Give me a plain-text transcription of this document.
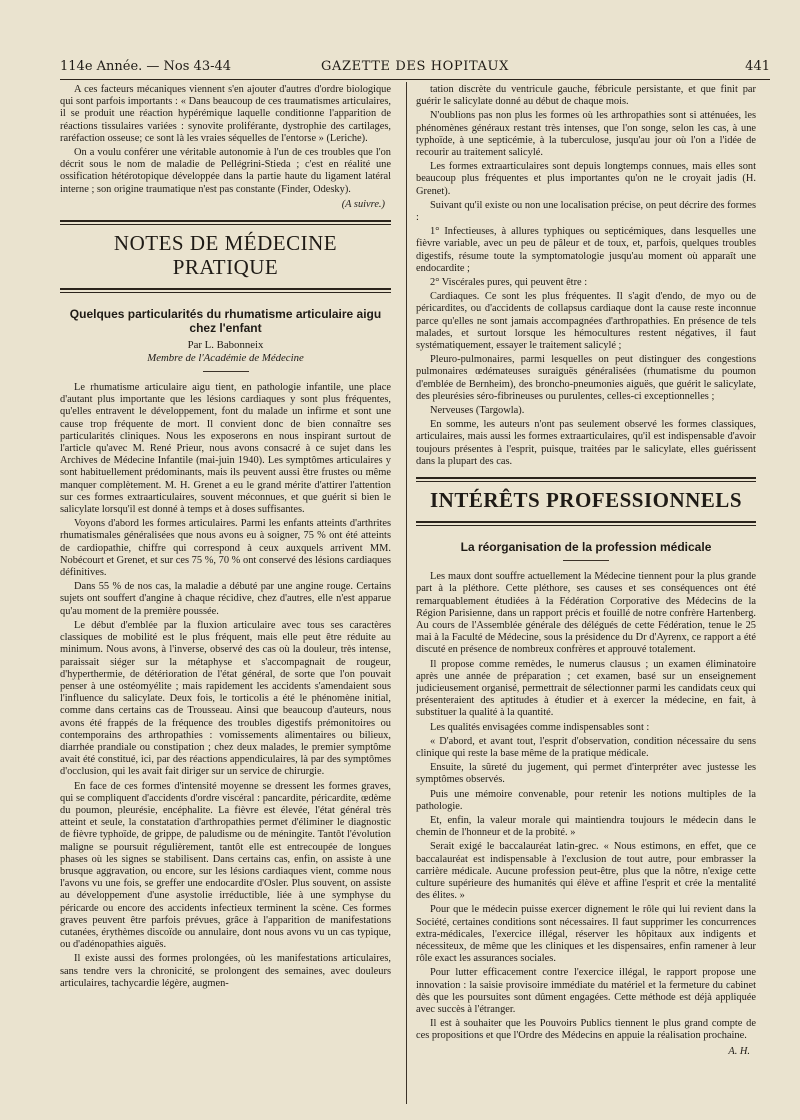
114e Année. — Nos 43-44	GAZETTE DES HOPITAUX	441

A ces facteurs mécaniques viennent s'en ajouter d'autres d'ordre biologique qui sont parfois importants : « Dans beaucoup de ces traumatismes articulaires, il se produit une réaction hypérémique laquelle conditionne l'apparition de réactions tissulaires variées : synovite proliférante, dystrophie des cartilages, raréfaction osseuse; ce sont là les vraies séquelles de l'entorse » (Leriche).

On a voulu conférer une véritable autonomie à l'un de ces troubles que l'on décrit sous le nom de maladie de Pellégrini-Stieda ; c'est en réalité une ossification hétérotopique développée dans la partie haute du ligament latéral interne ; son origine traumatique n'est pas constante (Finder, Odesky).

(A suivre.)
NOTES DE MÉDECINE PRATIQUE
Quelques particularités du rhumatisme articulaire aigu chez l'enfant
Par L. Babonneix
Membre de l'Académie de Médecine

Le rhumatisme articulaire aigu tient, en pathologie infantile, une place d'autant plus importante que les lésions cardiaques y sont plus fréquentes, qu'elles entravent le développement, font du malade un infirme et sont une cause trop fréquente de mort. Il convient donc de bien connaître ses particularités cliniques. Nous les exposerons en nous inspirant surtout de l'article qu'avec M. René Prieur, nous avons consacré à ce sujet dans les Archives de Médecine Infantile (mai-juin 1940). Les symptômes articulaires y sont habituellement prédominants, mais ils peuvent aussi être frustes ou même manquer complètement. M. H. Grenet a eu le grand mérite d'attirer l'attention sur ces formes extraarticulaires, souvent méconnues, et que guérit si bien le salicylate lorsqu'il est donné à temps et à doses suffisantes.

Voyons d'abord les formes articulaires. Parmi les enfants atteints d'arthrites rhumatismales généralisées que nous avons eu à soigner, 75 % ont été atteints de cardiopathie, chiffre qui correspond à ceux auxquels arrivent MM. Nobécourt et Grenet, et sur ces 75 %, 70 % ont conservé des lésions cardiaques définitives.

Dans 55 % de nos cas, la maladie a débuté par une angine rouge. Certains sujets ont souffert d'angine à chaque récidive, chez d'autres, elle n'est apparue qu'au moment de la première poussée.

Le début d'emblée par la fluxion articulaire avec tous ses caractères classiques de mobilité est le plus fréquent, mais elle peut être réduite au minimum. Nous avons, à l'inverse, observé des cas où la douleur, très intense, paraissait siéger sur la métaphyse et s'accompagnait de rougeur, d'hyperthermie, de détérioration de l'état général, de sorte que l'on pouvait penser à une ostéomyélite ; mais rapidement les accidents s'amendaient sous l'influence du salicylate. Deux fois, le torticolis a été le phénomène initial, comme dans certains cas de Trousseau. Ainsi que beaucoup d'auteurs, nous avons été frappés de la fréquence des troubles digestifs prémonitoires ou contemporains des arthropathies : vomissements alimentaires ou bilieux, diarrhée prandiale ou constipation ; chez deux malades, le premier symptôme avait été constitué, ici, par des réactions appendiculaires, là par des symptômes d'occlusion, qui les avait fait diriger sur un service de chirurgie.

En face de ces formes d'intensité moyenne se dressent les formes graves, qui se compliquent d'accidents d'ordre viscéral : pancardite, péricardite, œdème du poumon, pleurésie, encéphalite. La fièvre est élevée, l'état général très atteint et seule, la constatation d'arthropathies permet d'éliminer le diagnostic de fièvre typhoïde, de grippe, de paludisme ou de méningite. Tantôt l'évolution maligne se poursuit régulièrement, tantôt elle est entrecoupée de longues phases où les signes se stabilisent. Dans certains cas, enfin, on assiste à une brusque aggravation, ou encore, sur les lésions cardiaques vient, comme nous l'avons vu une fois, se greffer une endocardite d'Osler. Plus souvent, on assiste au développement d'une asystolie irréductible, liée à une symphyse du péricarde ou encore des accidents infectieux terminent la scène. Ces formes graves peuvent être parfois prévues, grâce à l'apparition de manifestations cutanées, érythèmes discoïde ou annulaire, dont nous avons vu un cas typique, ou d'adénopathies aiguës.

Il existe aussi des formes prolongées, où les manifestations articulaires, sans tendre vers la chronicité, se prolongent des semaines, avec douleurs articulaires, tachycardie légère, augmen-

tation discrète du ventricule gauche, fébricule persistante, et que finit par guérir le salicylate donné au début de chaque mois.

N'oublions pas non plus les formes où les arthropathies sont si atténuées, les phénomènes généraux restant très intenses, que l'on songe, selon les cas, à une typhoïde, à une septicémie, à la tuberculose, jusqu'au jour où l'on a l'idée de recourir au traitement salicylé.

Les formes extraarticulaires sont depuis longtemps connues, mais elles sont beaucoup plus fréquentes et plus importantes qu'on ne le croyait jadis (H. Grenet).

Suivant qu'il existe ou non une localisation précise, on peut décrire des formes :

1° Infectieuses, à allures typhiques ou septicémiques, dans lesquelles une fièvre variable, avec un peu de pâleur et de toux, et, parfois, quelques troubles digestifs, résume toute la symptomatologie jusqu'au moment où apparaît une endocardite ;

2° Viscérales pures, qui peuvent être :

Cardiaques. Ce sont les plus fréquentes. Il s'agit d'endo, de myo ou de péricardites, ou d'accidents de collapsus cardiaque dont la cause reste inconnue parce qu'elles ne sont jamais accompagnées d'arthropathies. En présence de tels malades, et surtout lorsque les hémocultures restent négatives, il faut systématiquement, essayer le traitement salicylé ;

Pleuro-pulmonaires, parmi lesquelles on peut distinguer des congestions pulmonaires œdémateuses suraiguës généralisées (rhumatisme du poumon d'emblée de Bernheim), des broncho-pneumonies aiguës, que guérit le salicylate, des pleurésies séro-fibrineuses ou purulentes, celles-ci exceptionnelles ;

Nerveuses (Targowla).

En somme, les auteurs n'ont pas seulement observé les formes classiques, articulaires, mais aussi les formes extraarticulaires, qu'il est indispensable d'avoir toujours présentes à l'esprit, puisque, traitées par le salicylate, elles guérissent dans la plupart des cas.

INTÉRÊTS PROFESSIONNELS
La réorganisation de la profession médicale

Les maux dont souffre actuellement la Médecine tiennent pour la plus grande part à la pléthore. Cette pléthore, ses causes et ses conséquences ont été remarquablement étudiées à la Fédération Corporative des Médecins de la Région Parisienne, dans un rapport précis et fouillé de notre confrère Hartenberg. Au cours de l'Assemblée générale des délégués de cette Fédération, tenue le 25 mai à la Faculté de Médecine, sous la présidence du Dr d'Ayrenx, ce rapport a été discuté en présence de nombreux confrères et approuvé totalement.

Il propose comme remèdes, le numerus clausus ; un examen éliminatoire après une année de préparation ; cet examen, basé sur un enseignement judicieusement organisé, permettrait de sélectionner parmi les candidats ceux qui présenteraient des aptitudes à étudier et à exercer la médecine, en fait, à substituer la qualité à la quantité.

Les qualités envisagées comme indispensables sont :

« D'abord, et avant tout, l'esprit d'observation, condition nécessaire du sens clinique qui reste la base même de la pratique médicale.

Ensuite, la sûreté du jugement, qui permet d'interpréter avec justesse les symptômes observés.

Puis une mémoire convenable, pour retenir les notions multiples de la pathologie.

Et, enfin, la valeur morale qui maintiendra toujours le médecin dans le chemin de l'honneur et de la probité. »

Serait exigé le baccalauréat latin-grec. « Nous estimons, en effet, que ce baccalauréat est indispensable à l'exclusion de tout autre, pour embrasser la carrière médicale. Aucune profession peut-être, plus que la nôtre, n'exige cette culture supérieure des humanités qui élève et affine l'esprit et crée la mentalité des élites. »

Pour que le médecin puisse exercer dignement le rôle qui lui revient dans la Société, certaines conditions sont nécessaires. Il faut supprimer les concurrences extra-médicales, l'exercice illégal, réserver les hôpitaux aux indigents et nécessiteux, de même que les cliniques et les dispensaires, enfin ramener à leur rôle exact les assurances sociales.

Pour lutter efficacement contre l'exercice illégal, le rapport propose une innovation : la saisie provisoire immédiate du matériel et la fermeture du cabinet dès que les poursuites sont dûment engagées. Cette méthode est déjà appliquée avec succès à l'étranger.

Il est à souhaiter que les Pouvoirs Publics tiennent le plus grand compte de ces propositions et que l'Ordre des Médecins en appuie la réalisation prochaine.

A. H.
